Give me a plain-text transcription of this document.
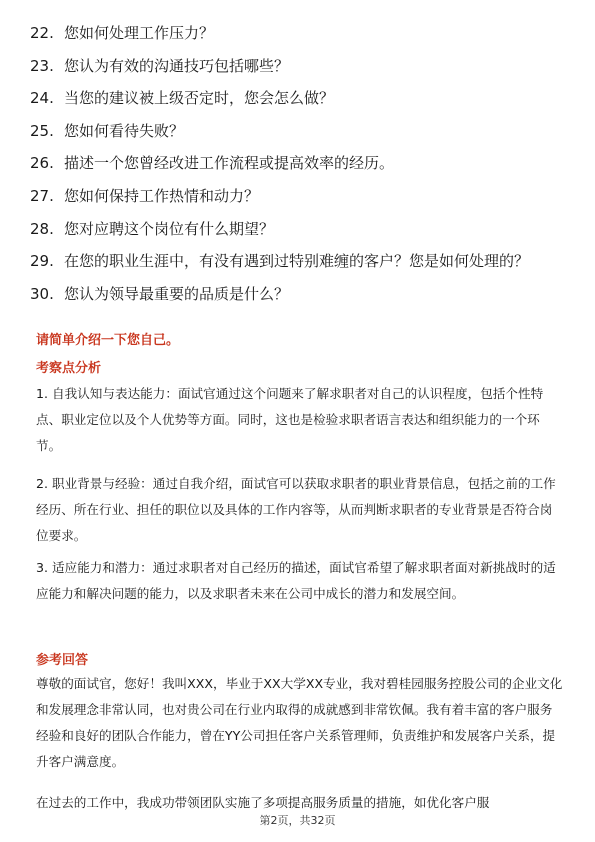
22. 您如何处理工作压力？
23. 您认为有效的沟通技巧包括哪些？
24. 当您的建议被上级否定时，您会怎么做？
25. 您如何看待失败？
26. 描述一个您曾经改进工作流程或提高效率的经历。
27. 您如何保持工作热情和动力？
28. 您对应聘这个岗位有什么期望？
29. 在您的职业生涯中，有没有遇到过特别难缠的客户？您是如何处理的？
30. 您认为领导最重要的品质是什么？
请简单介绍一下您自己。
考察点分析
1. 自我认知与表达能力：面试官通过这个问题来了解求职者对自己的认识程度，包括个性特点、职业定位以及个人优势等方面。同时，这也是检验求职者语言表达和组织能力的一个环节。
2. 职业背景与经验：通过自我介绍，面试官可以获取求职者的职业背景信息，包括之前的工作经历、所在行业、担任的职位以及具体的工作内容等，从而判断求职者的专业背景是否符合岗位要求。
3. 适应能力和潜力：通过求职者对自己经历的描述，面试官希望了解求职者面对新挑战时的适应能力和解决问题的能力，以及求职者未来在公司中成长的潜力和发展空间。
参考回答
尊敬的面试官，您好！我叫XXX，毕业于XX大学XX专业，我对碧桂园服务控股公司的企业文化和发展理念非常认同，也对贵公司在行业内取得的成就感到非常钦佩。我有着丰富的客户服务经验和良好的团队合作能力，曾在YY公司担任客户关系管理师，负责维护和发展客户关系，提升客户满意度。
在过去的工作中，我成功带领团队实施了多项提高服务质量的措施，如优化客户服
第2页，共32页
